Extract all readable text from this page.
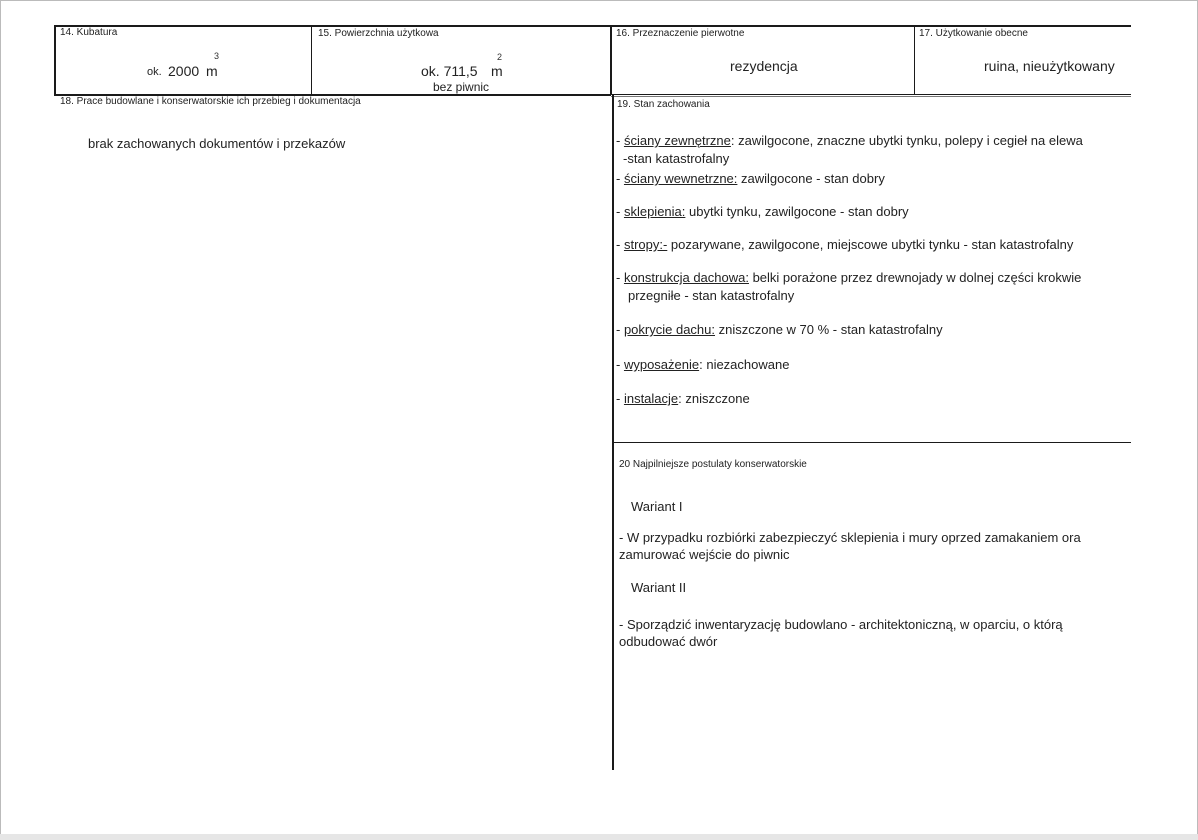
14. Kubatura
ok. 2000 m
3
15. Powierzchnia użytkowa
ok. 711,5 m
2
bez piwnic
16. Przeznaczenie pierwotne
rezydencja
17. Użytkowanie obecne
ruina, nieużytkowany
18. Prace budowlane i konserwatorskie ich przebieg i dokumentacja
brak zachowanych dokumentów i przekazów
19. Stan zachowania
- ściany zewnętrzne: zawilgocone, znaczne ubytki tynku, polepy i cegieł na elewa
-stan katastrofalny
- ściany wewnetrzne: zawilgocone - stan dobry
- sklepienia: ubytki tynku, zawilgocone - stan dobry
- stropy:- pozarywane, zawilgocone, miejscowe ubytki tynku - stan katastrofalny
- konstrukcja dachowa: belki porażone przez drewnojady w dolnej części krokwie
przegniłe - stan katastrofalny
- pokrycie dachu: zniszczone w 70 % - stan katastrofalny
- wyposażenie: niezachowane
- instalacje: zniszczone
20 Najpilniejsze postulaty konserwatorskie
Wariant I
- W przypadku rozbiórki zabezpieczyć sklepienia i mury oprzed zamakaniem ora
zamurować wejście do piwnic
Wariant II
- Sporządzić inwentaryzację budowlano - architektoniczną, w oparciu, o którą
odbudować dwór
